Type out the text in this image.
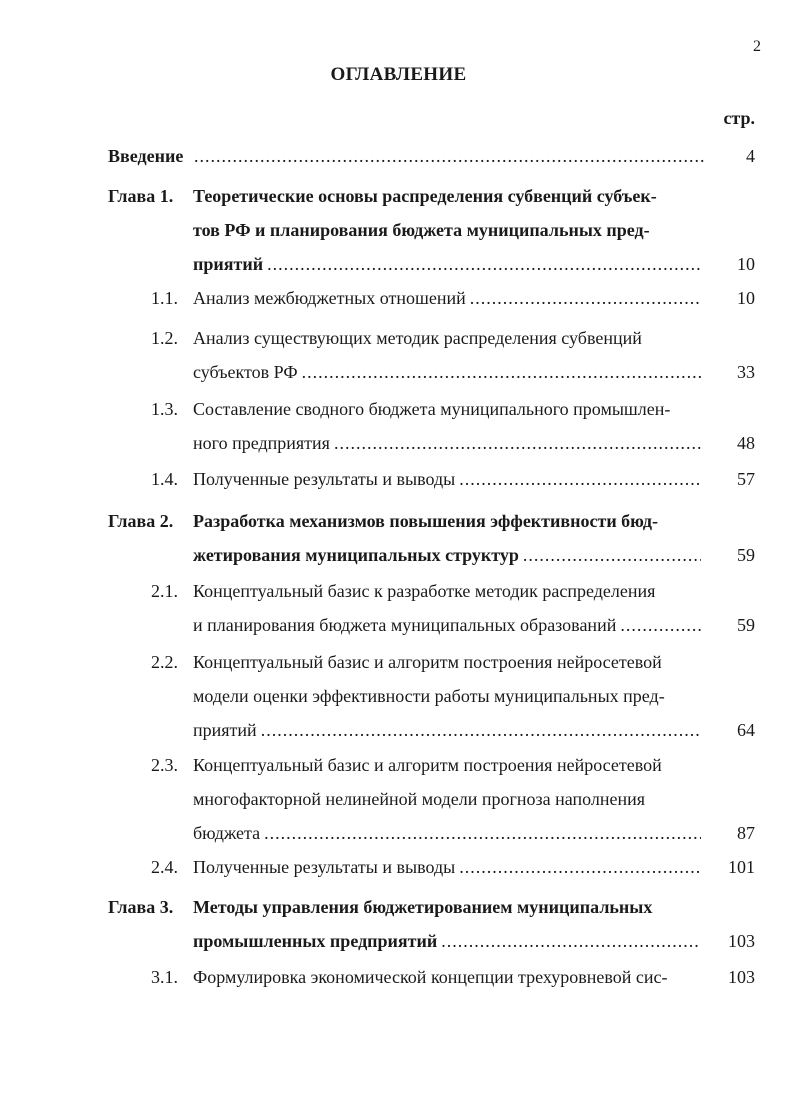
2
ОГЛАВЛЕНИЕ
стр.
Введение .....	4
Глава 1. Теоретические основы распределения субвенций субъек-
тов РФ и планирования бюджета муниципальных пред-
приятий .....	10
1.1. Анализ межбюджетных отношений .....	10
1.2. Анализ существующих методик распределения субвенций
субъектов РФ .....	33
1.3. Составление сводного бюджета муниципального промышлен-
ного предприятия .....	48
1.4. Полученные результаты и выводы .....	57
Глава 2. Разработка механизмов повышения эффективности бюд-
жетирования муниципальных структур .....	59
2.1. Концептуальный базис к разработке методик распределения
и планирования бюджета муниципальных образований .....	59
2.2. Концептуальный базис и алгоритм построения нейросетевой
модели оценки эффективности работы муниципальных пред-
приятий .....	64
2.3. Концептуальный базис и алгоритм построения нейросетевой
многофакторной нелинейной модели прогноза наполнения
бюджета .....	87
2.4. Полученные результаты и выводы .....	101
Глава 3. Методы управления бюджетированием муниципальных
промышленных предприятий .....	103
3.1. Формулировка экономической концепции трехуровневой сис-	103
